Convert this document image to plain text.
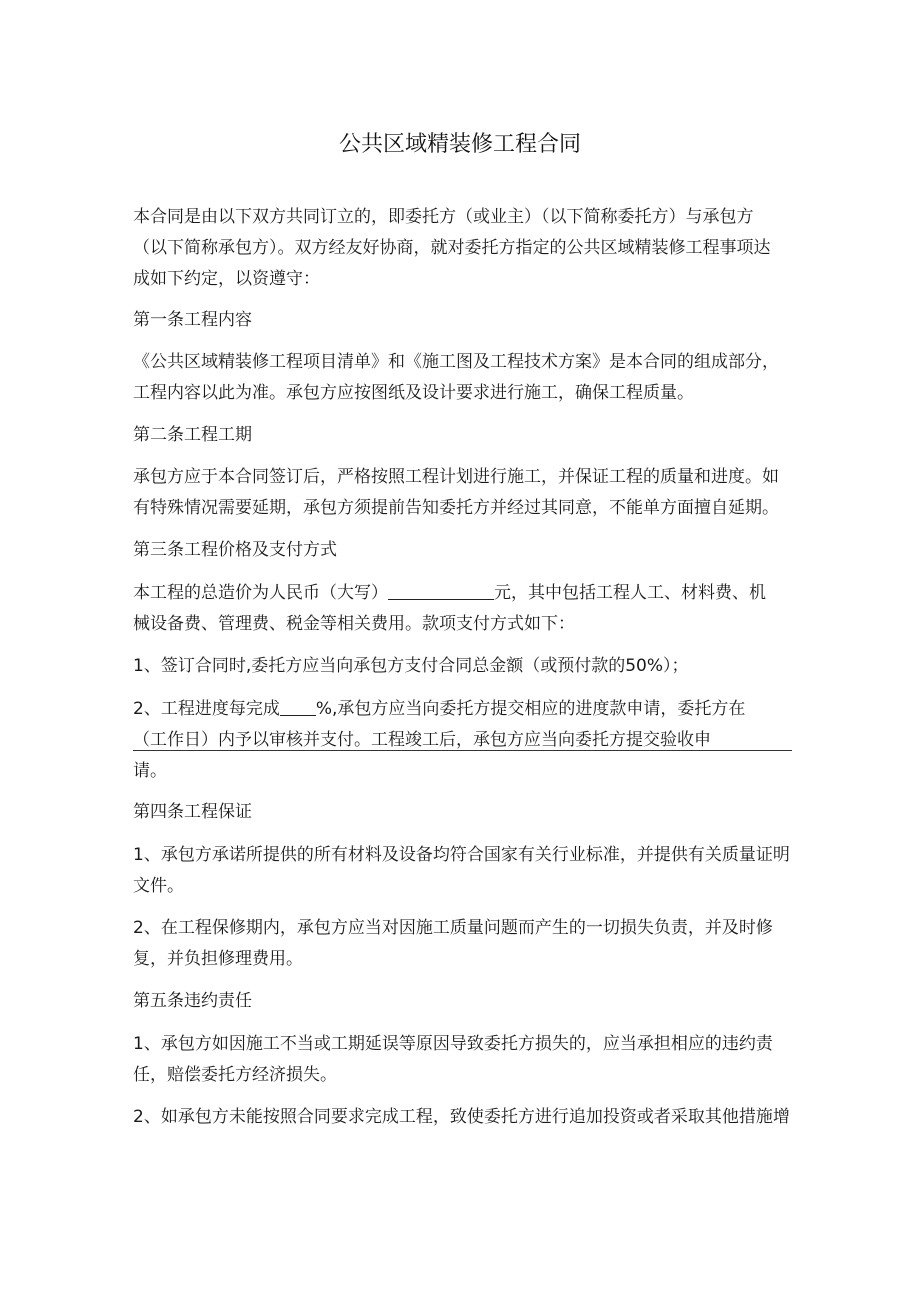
公共区域精装修工程合同
本合同是由以下双方共同订立的，即委托方（或业主）（以下简称委托方）与承包方
（以下简称承包方）。双方经友好协商，就对委托方指定的公共区域精装修工程事项达
成如下约定，以资遵守：
第一条工程内容
《公共区域精装修工程项目清单》和《施工图及工程技术方案》是本合同的组成部分，
工程内容以此为准。承包方应按图纸及设计要求进行施工，确保工程质量。
第二条工程工期
承包方应于本合同签订后，严格按照工程计划进行施工，并保证工程的质量和进度。如
有特殊情况需要延期，承包方须提前告知委托方并经过其同意，不能单方面擅自延期。
第三条工程价格及支付方式
本工程的总造价为人民币（大写）	元，其中包括工程人工、材料费、机
械设备费、管理费、税金等相关费用。款项支付方式如下：
1、签订合同时,委托方应当向承包方支付合同总金额（或预付款的50%）；
2、工程进度每完成 %,承包方应当向委托方提交相应的进度款申请，委托方在
（工作日）内予以审核并支付。工程竣工后，承包方应当向委托方提交验收申
请。
第四条工程保证
1、承包方承诺所提供的所有材料及设备均符合国家有关行业标准，并提供有关质量证明
文件。
2、在工程保修期内，承包方应当对因施工质量问题而产生的一切损失负责，并及时修
复，并负担修理费用。
第五条违约责任
1、承包方如因施工不当或工期延误等原因导致委托方损失的，应当承担相应的违约责
任，赔偿委托方经济损失。
2、如承包方未能按照合同要求完成工程，致使委托方进行追加投资或者采取其他措施增
